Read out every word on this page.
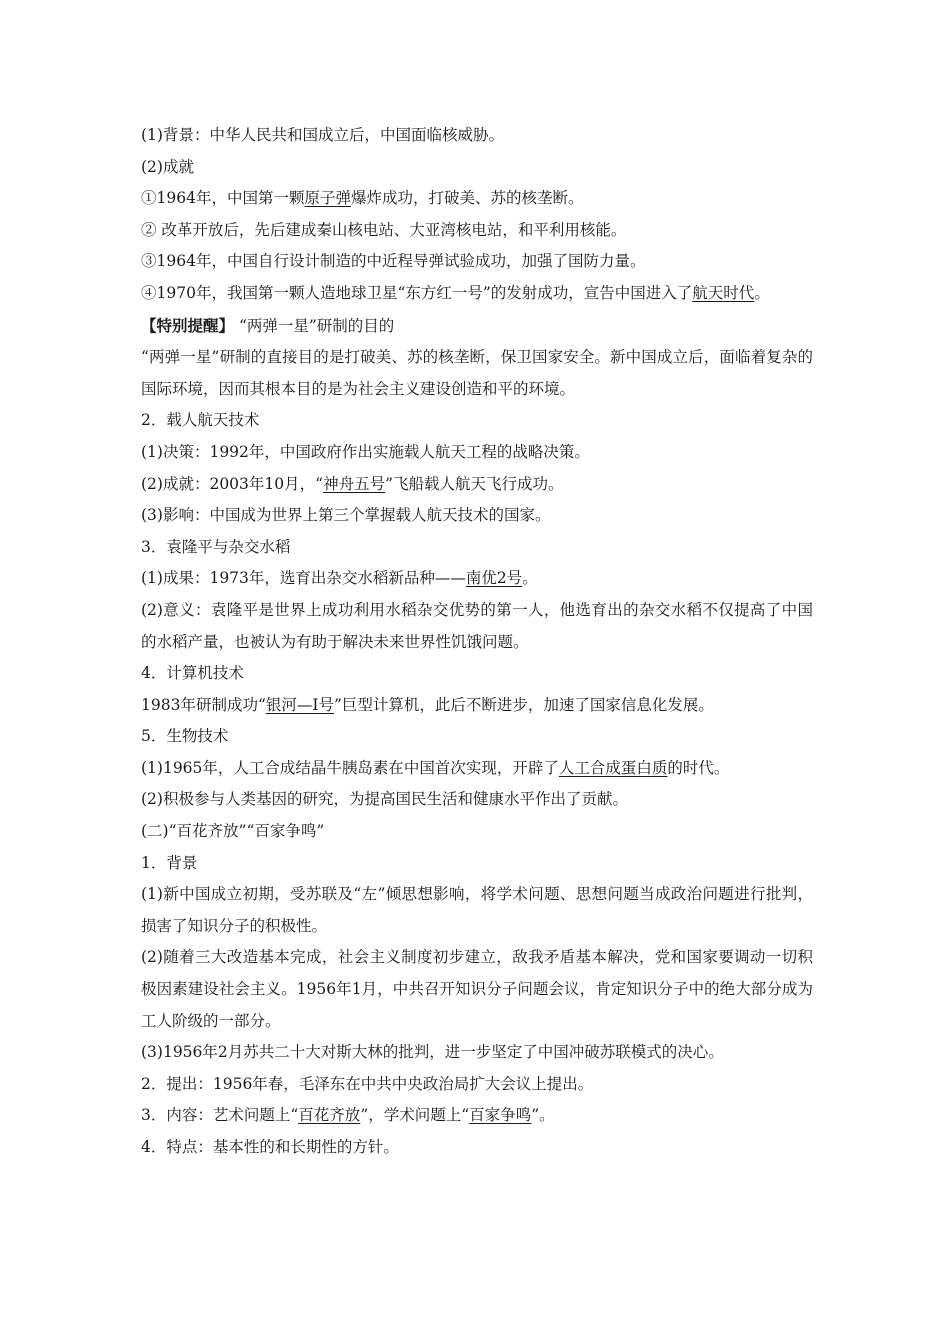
(1)背景：中华人民共和国成立后，中国面临核威胁。
(2)成就
①1964年，中国第一颗原子弹爆炸成功，打破美、苏的核垄断。
② 改革开放后，先后建成秦山核电站、大亚湾核电站，和平利用核能。
③1964年，中国自行设计制造的中近程导弹试验成功，加强了国防力量。
④1970年，我国第一颗人造地球卫星“东方红一号”的发射成功，宣告中国进入了航天时代。
【特别提醒】 “两弹一星”研制的目的
“两弹一星”研制的直接目的是打破美、苏的核垄断，保卫国家安全。新中国成立后，面临着复杂的国际环境，因而其根本目的是为社会主义建设创造和平的环境。
2．载人航天技术
(1)决策：1992年，中国政府作出实施载人航天工程的战略决策。
(2)成就：2003年10月，“神舟五号”飞船载人航天飞行成功。
(3)影响：中国成为世界上第三个掌握载人航天技术的国家。
3．袁隆平与杂交水稻
(1)成果：1973年，选育出杂交水稻新品种——南优2号。
(2)意义：袁隆平是世界上成功利用水稻杂交优势的第一人，他选育出的杂交水稻不仅提高了中国的水稻产量，也被认为有助于解决未来世界性饥饿问题。
4．计算机技术
1983年研制成功“银河—Ⅰ号”巨型计算机，此后不断进步，加速了国家信息化发展。
5．生物技术
(1)1965年，人工合成结晶牛胰岛素在中国首次实现，开辟了人工合成蛋白质的时代。
(2)积极参与人类基因的研究，为提高国民生活和健康水平作出了贡献。
(二)“百花齐放”“百家争鸣”
1．背景
(1)新中国成立初期，受苏联及“左”倾思想影响，将学术问题、思想问题当成政治问题进行批判，损害了知识分子的积极性。
(2)随着三大改造基本完成，社会主义制度初步建立，敌我矛盾基本解决，党和国家要调动一切积极因素建设社会主义。1956年1月，中共召开知识分子问题会议，肯定知识分子中的绝大部分成为工人阶级的一部分。
(3)1956年2月苏共二十大对斯大林的批判，进一步坚定了中国冲破苏联模式的决心。
2．提出：1956年春，毛泽东在中共中央政治局扩大会议上提出。
3．内容：艺术问题上“百花齐放”，学术问题上“百家争鸣”。
4．特点：基本性的和长期性的方针。
